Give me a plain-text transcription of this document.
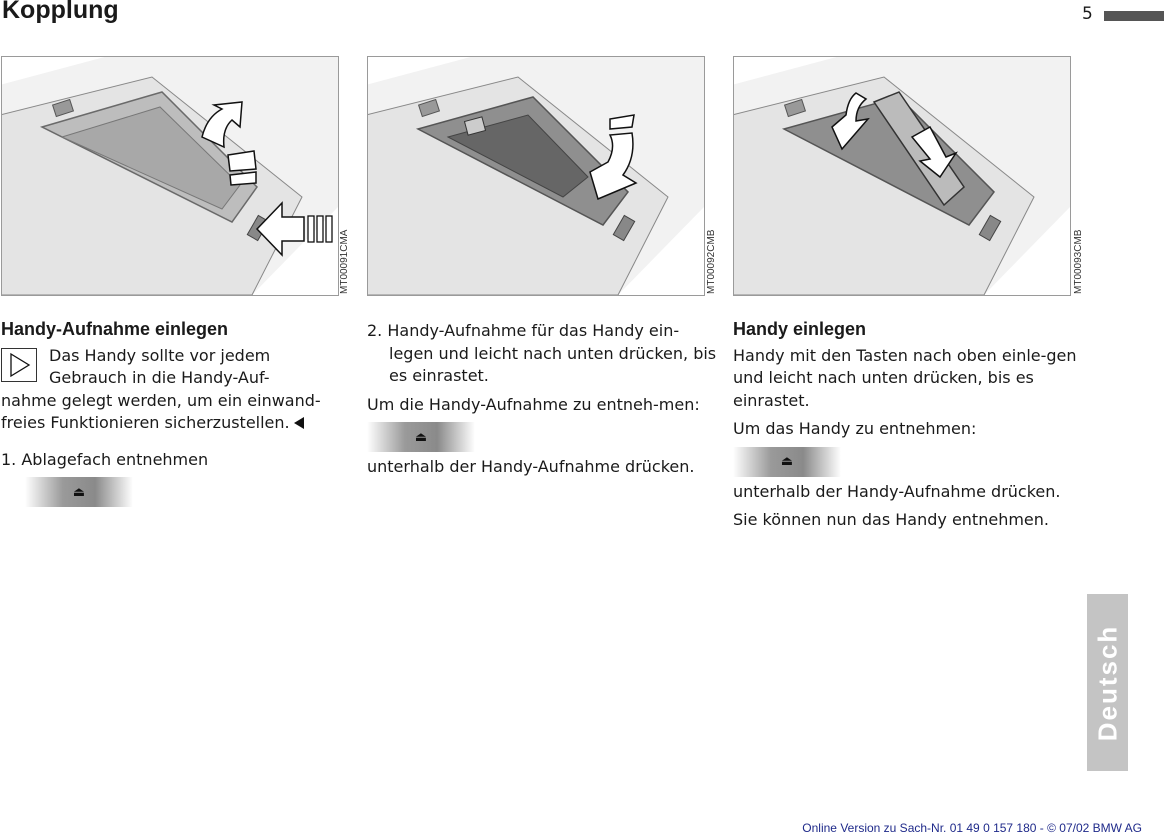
Kopplung	5
MT00091CMA	MT00092CMB	MT00093CMB
Handy-Aufnahme einlegen
Das Handy sollte vor jedem
Gebrauch in die Handy-Auf-

nahme gelegt werden, um ein einwand-freies Funktionieren sicherzustellen.

1. Ablagefach entnehmen

⏏

2. Handy-Aufnahme für das Handy ein-legen und leicht nach unten drücken, bis es einrastet.

Um die Handy-Aufnahme zu entneh-men:

⏏

unterhalb der Handy-Aufnahme drücken.

Handy einlegen

Handy mit den Tasten nach oben einle-gen und leicht nach unten drücken, bis es einrastet.

Um das Handy zu entnehmen:

⏏

unterhalb der Handy-Aufnahme drücken.

Sie können nun das Handy entnehmen.

Deutsch
Online Version zu Sach-Nr. 01 49 0 157 180 - © 07/02 BMW AG
